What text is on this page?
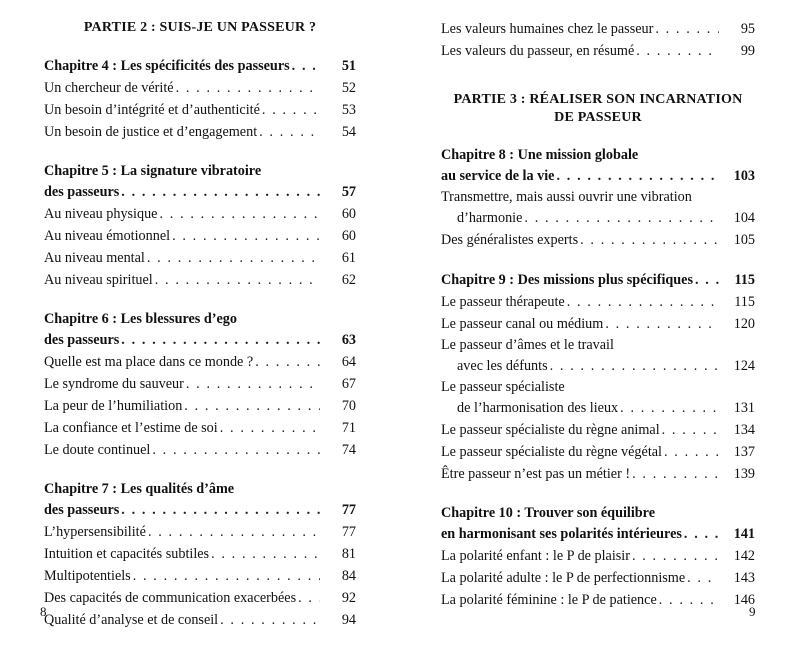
PARTIE 2 : SUIS-JE UN PASSEUR ?
Chapitre 4 : Les spécificités des passeurs . . .	51
Un chercheur de vérité . . .	52
Un besoin d’intégrité et d’authenticité . . .	53
Un besoin de justice et d’engagement . . .	54
Chapitre 5 : La signature vibratoire
des passeurs . . .	57
Au niveau physique . . .	60
Au niveau émotionnel . . .	60
Au niveau mental . . .	61
Au niveau spirituel . . .	62
Chapitre 6 : Les blessures d’ego
des passeurs . . .	63
Quelle est ma place dans ce monde ? . . .	64
Le syndrome du sauveur . . .	67
La peur de l’humiliation . . .	70
La confiance et l’estime de soi . . .	71
Le doute continuel . . .	74
Chapitre 7 : Les qualités d’âme
des passeurs . . .	77
L’hypersensibilité . . .	77
Intuition et capacités subtiles . . .	81
Multipotentiels . . .	84
Des capacités de communication exacerbées . . .	92
Qualité d’analyse et de conseil . . .	94
8
Les valeurs humaines chez le passeur . . .	95
Les valeurs du passeur, en résumé . . .	99
PARTIE 3 : RÉALISER SON INCARNATION
DE PASSEUR
Chapitre 8 : Une mission globale
au service de la vie . . .	103
Transmettre, mais aussi ouvrir une vibration
d’harmonie . . .	104
Des généralistes experts . . .	105
Chapitre 9 : Des missions plus spécifiques . . .	115
Le passeur thérapeute . . .	115
Le passeur canal ou médium . . .	120
Le passeur d’âmes et le travail
avec les défunts . . .	124
Le passeur spécialiste
de l’harmonisation des lieux . . .	131
Le passeur spécialiste du règne animal . . .	134
Le passeur spécialiste du règne végétal . . .	137
Être passeur n’est pas un métier ! . . .	139
Chapitre 10 : Trouver son équilibre
en harmonisant ses polarités intérieures . . .	141
La polarité enfant : le P de plaisir . . .	142
La polarité adulte : le P de perfectionnisme . . .	143
La polarité féminine : le P de patience . . .	146
9
